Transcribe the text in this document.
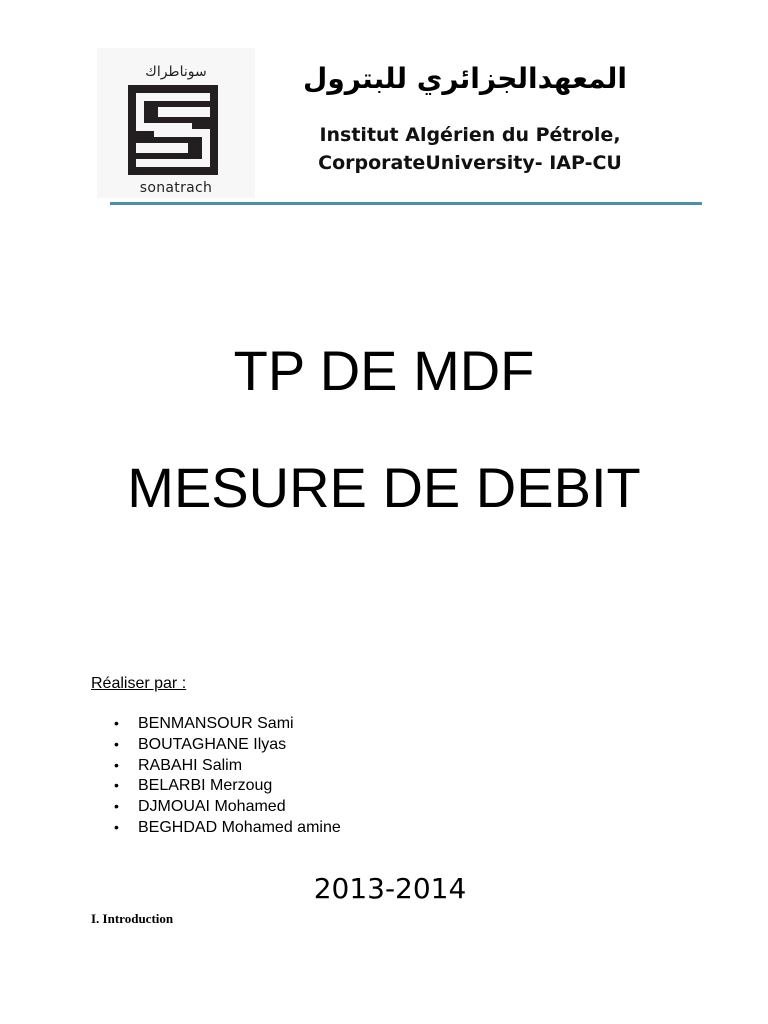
سوناطراك
sonatrach
المعهدالجزائري للبترول
Institut Algérien du Pétrole,
CorporateUniversity- IAP-CU
TP DE MDF
MESURE DE DEBIT
Réaliser par :
• BENMANSOUR Sami
• BOUTAGHANE Ilyas
• RABAHI Salim
• BELARBI Merzoug
• DJMOUAI Mohamed
• BEGHDAD Mohamed amine
2013-2014
I. Introduction
